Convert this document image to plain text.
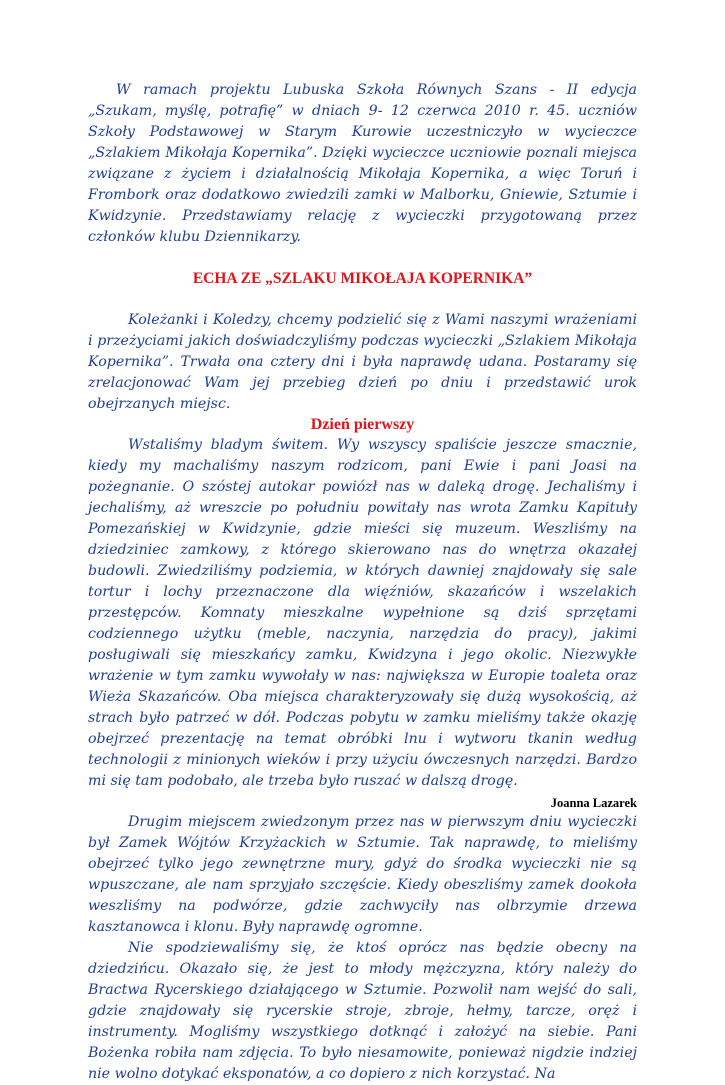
W ramach projektu Lubuska Szkoła Równych Szans - II edycja „Szukam, myślę, potrafię” w dniach 9- 12 czerwca 2010 r. 45. uczniów Szkoły Podstawowej w Starym Kurowie uczestniczyło w wycieczce „Szlakiem Mikołaja Kopernika”. Dzięki wycieczce uczniowie poznali miejsca związane z życiem i działalnością Mikołaja Kopernika, a więc Toruń i Frombork oraz dodatkowo zwiedzili zamki w Malborku, Gniewie, Sztumie i Kwidzynie. Przedstawiamy relację z wycieczki przygotowaną przez członków klubu Dziennikarzy.

ECHA ZE „SZLAKU MIKOŁAJA KOPERNIKA”

Koleżanki i Koledzy, chcemy podzielić się z Wami naszymi wrażeniami i przeżyciami jakich doświadczyliśmy podczas wycieczki „Szlakiem Mikołaja Kopernika”. Trwała ona cztery dni i była naprawdę udana. Postaramy się zrelacjonować Wam jej przebieg dzień po dniu i przedstawić urok obejrzanych miejsc.

Dzień pierwszy

Wstaliśmy bladym świtem. Wy wszyscy spaliście jeszcze smacznie, kiedy my machaliśmy naszym rodzicom, pani Ewie i pani Joasi na pożegnanie. O szóstej autokar powiózł nas w daleką drogę. Jechaliśmy i jechaliśmy, aż wreszcie po południu powitały nas wrota Zamku Kapituły Pomezańskiej w Kwidzynie, gdzie mieści się muzeum. Weszliśmy na dziedziniec zamkowy, z którego skierowano nas do wnętrza okazałej budowli. Zwiedziliśmy podziemia, w których dawniej znajdowały się sale tortur i lochy przeznaczone dla więźniów, skazańców i wszelakich przestępców. Komnaty mieszkalne wypełnione są dziś sprzętami codziennego użytku (meble, naczynia, narzędzia do pracy), jakimi posługiwali się mieszkańcy zamku, Kwidzyna i jego okolic. Niezwykłe wrażenie w tym zamku wywołały w nas: największa w Europie toaleta oraz Wieża Skazańców. Oba miejsca charakteryzowały się dużą wysokością, aż strach było patrzeć w dół. Podczas pobytu w zamku mieliśmy także okazję obejrzeć prezentację na temat obróbki lnu i wytworu tkanin według technologii z minionych wieków i przy użyciu ówczesnych narzędzi. Bardzo mi się tam podobało, ale trzeba było ruszać w dalszą drogę.

Joanna Lazarek

Drugim miejscem zwiedzonym przez nas w pierwszym dniu wycieczki był Zamek Wójtów Krzyżackich w Sztumie. Tak naprawdę, to mieliśmy obejrzeć tylko jego zewnętrzne mury, gdyż do środka wycieczki nie są wpuszczane, ale nam sprzyjało szczęście. Kiedy obeszliśmy zamek dookoła weszliśmy na podwórze, gdzie zachwyciły nas olbrzymie drzewa kasztanowca i klonu. Były naprawdę ogromne.

Nie spodziewaliśmy się, że ktoś oprócz nas będzie obecny na dziedzińcu. Okazało się, że jest to młody mężczyzna, który należy do Bractwa Rycerskiego działającego w Sztumie. Pozwolił nam wejść do sali, gdzie znajdowały się rycerskie stroje, zbroje, hełmy, tarcze, oręż i instrumenty. Mogliśmy wszystkiego dotknąć i założyć na siebie. Pani Bożenka robiła nam zdjęcia. To było niesamowite, ponieważ nigdzie indziej nie wolno dotykać eksponatów, a co dopiero z nich korzystać. Na
